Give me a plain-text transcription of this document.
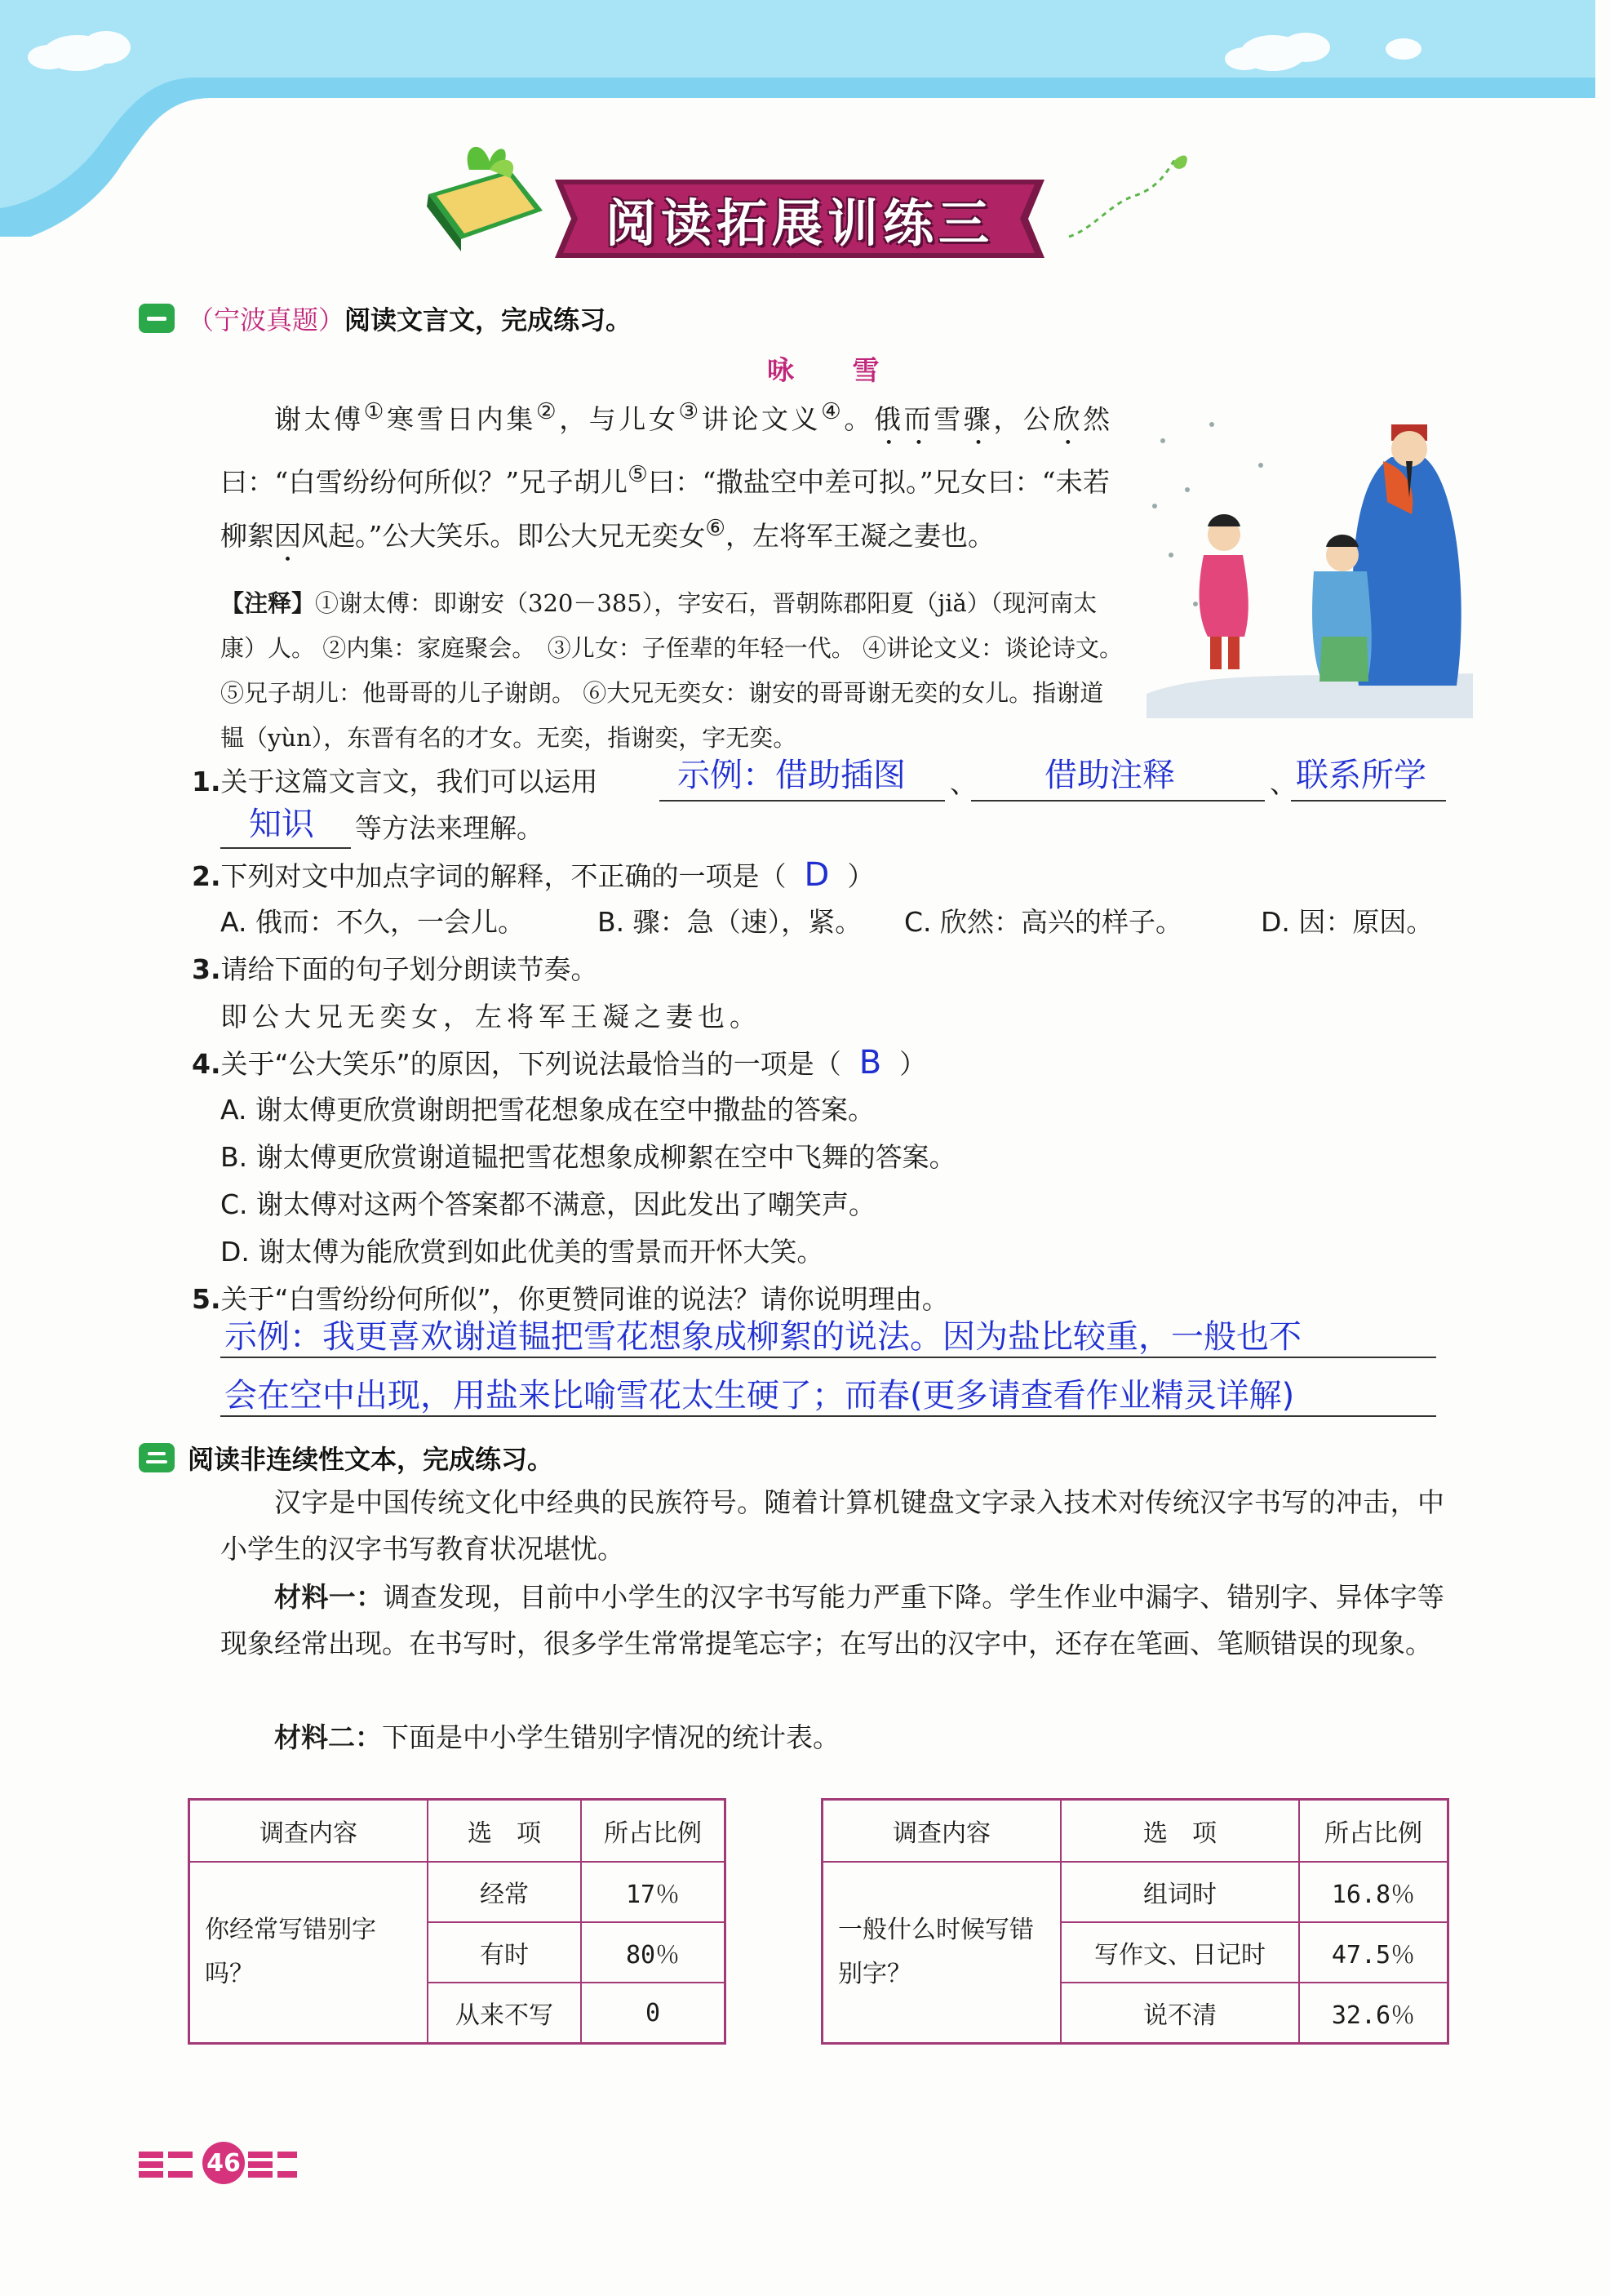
阅读拓展训练三
（宁波真题）阅读文言文，完成练习。
咏 雪
谢太傅①寒雪日内集②，与儿女③讲论文义④。俄而雪骤，公欣然曰：“白雪纷纷何所似？”兄子胡儿⑤曰：“撒盐空中差可拟。”兄女曰：“未若柳絮因风起。”公大笑乐。即公大兄无奕女⑥，左将军王凝之妻也。
【注释】①谢太傅：即谢安（320－385），字安石，晋朝陈郡阳夏（jiǎ）（现河南太康）人。 ②内集：家庭聚会。　 ③儿女：子侄辈的年轻一代。 ④讲论文义：谈论诗文。　⑤兄子胡儿：他哥哥的儿子谢朗。 ⑥大兄无奕女：谢安的哥哥谢无奕的女儿。指谢道韫（yùn），东晋有名的才女。无奕，指谢奕，字无奕。
1.关于这篇文言文，我们可以运用 示例：借助插图 、 借助注释	、 联系所学
知识 等方法来理解。
2.下列对文中加点字词的解释，不正确的一项是（ D ）
A. 俄而：不久，一会儿。	B. 骤：急（速），紧。 C. 欣然：高兴的样子。	D. 因：原因。
3.请给下面的句子划分朗读节奏。
即公大兄无奕女，左将军王凝之妻也。
4.关于“公大笑乐”的原因，下列说法最恰当的一项是（ B ）
A. 谢太傅更欣赏谢朗把雪花想象成在空中撒盐的答案。
B. 谢太傅更欣赏谢道韫把雪花想象成柳絮在空中飞舞的答案。
C. 谢太傅对这两个答案都不满意，因此发出了嘲笑声。
D. 谢太傅为能欣赏到如此优美的雪景而开怀大笑。
5.关于“白雪纷纷何所似”，你更赞同谁的说法？请你说明理由。
示例：我更喜欢谢道韫把雪花想象成柳絮的说法。因为盐比较重，一般也不
会在空中出现，用盐来比喻雪花太生硬了；而春(更多请查看作业精灵详解)
阅读非连续性文本，完成练习。
汉字是中国传统文化中经典的民族符号。随着计算机键盘文字录入技术对传统汉字书写的冲击，中小学生的汉字书写教育状况堪忧。
材料一：调查发现，目前中小学生的汉字书写能力严重下降。学生作业中漏字、错别字、异体字等现象经常出现。在书写时，很多学生常常提笔忘字；在写出的汉字中，还存在笔画、笔顺错误的现象。
材料二：下面是中小学生错别字情况的统计表。
调查内容	选　项	所占比例
你经常写错别字吗？	经常	17％
	有时	80％
	从来不写	0
调查内容	选　项	所占比例
一般什么时候写错别字？	组词时	16.8％
	写作文、日记时	47.5％
	说不清	32.6％
46
